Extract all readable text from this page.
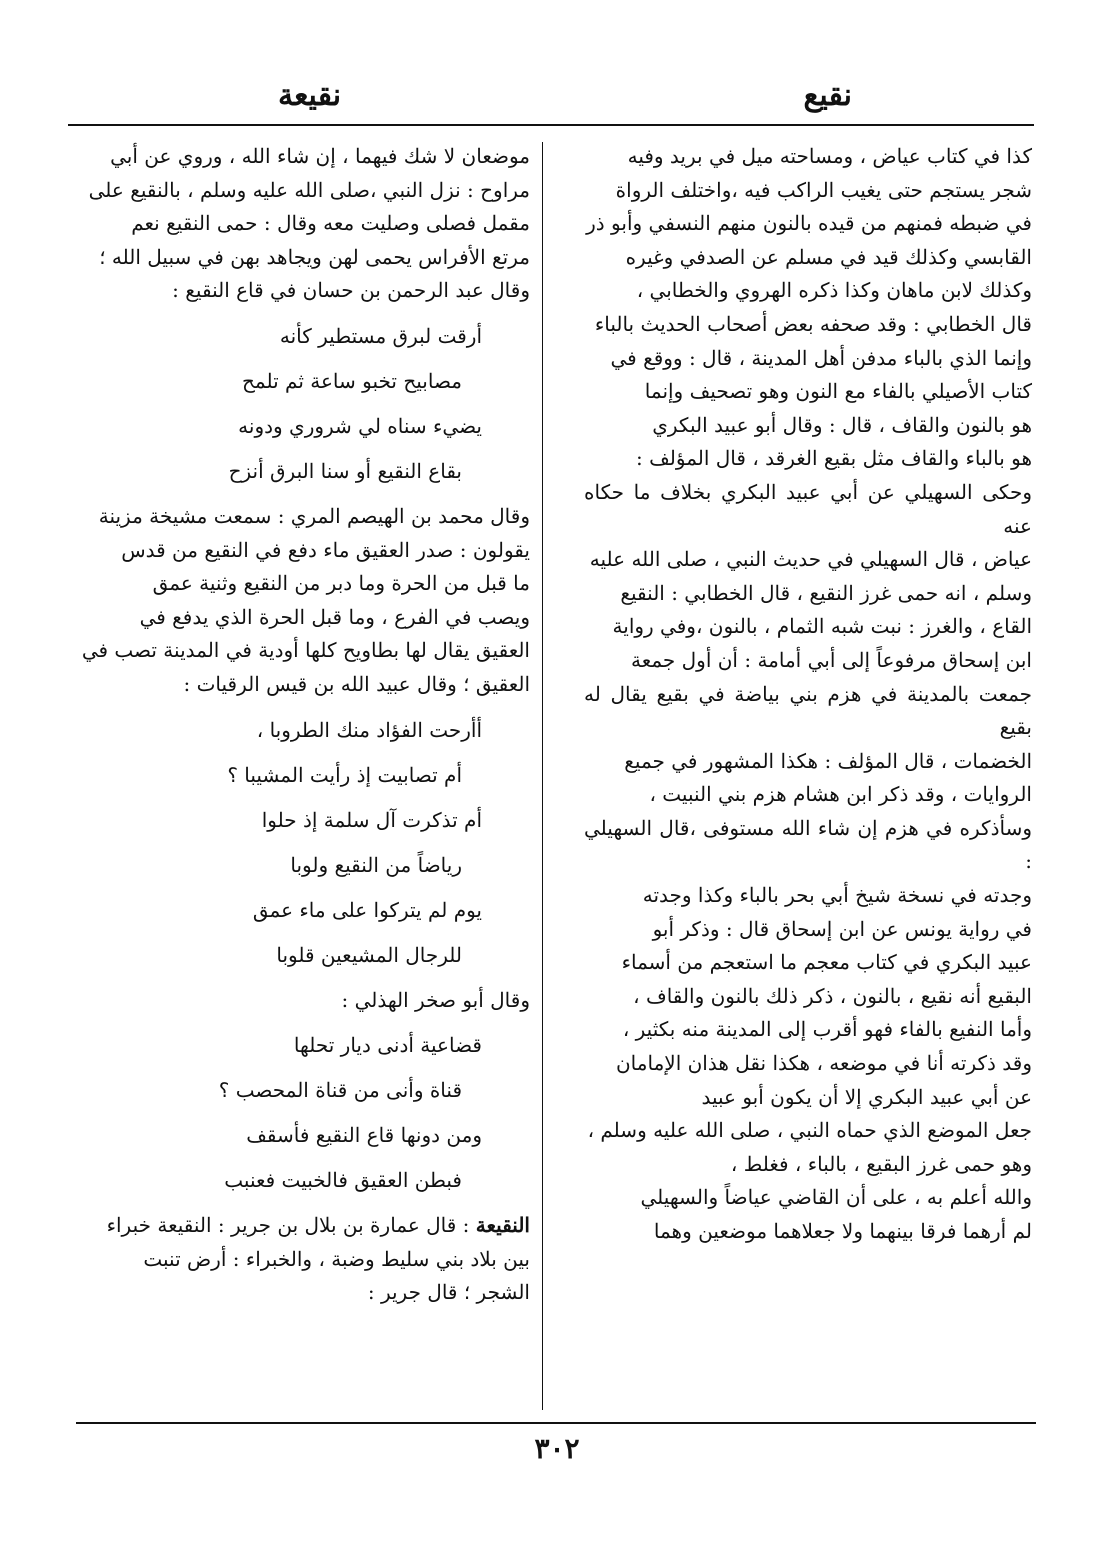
نقيع
نقيعة

كذا في كتاب عياض ، ومساحته ميل في بريد وفيه

شجر يستجم حتى يغيب الراكب فيه ،واختلف الرواة

في ضبطه فمنهم من قيده بالنون منهم النسفي وأبو ذر

القابسي وكذلك قيد في مسلم عن الصدفي وغيره

وكذلك لابن ماهان وكذا ذكره الهروي والخطابي ،

قال الخطابي : وقد صحفه بعض أصحاب الحديث بالباء

وإنما الذي بالباء مدفن أهل المدينة ، قال : ووقع في

كتاب الأصيلي بالفاء مع النون وهو تصحيف وإنما

هو بالنون والقاف ، قال : وقال أبو عبيد البكري

هو بالباء والقاف مثل بقيع الغرقد ، قال المؤلف :

وحكى السهيلي عن أبي عبيد البكري بخلاف ما حكاه عنه

عياض ، قال السهيلي في حديث النبي ، صلى الله عليه

وسلم ، انه حمى غرز النقيع ، قال الخطابي : النقيع

القاع ، والغرز : نبت شبه الثمام ، بالنون ،وفي رواية

ابن إسحاق مرفوعاً إلى أبي أمامة : أن أول جمعة

جمعت بالمدينة في هزم بني بياضة في بقيع يقال له بقيع

الخضمات ، قال المؤلف : هكذا المشهور في جميع

الروايات ، وقد ذكر ابن هشام هزم بني النبيت ،

وسأذكره في هزم إن شاء الله مستوفى ،قال السهيلي :

وجدته في نسخة شيخ أبي بحر بالباء وكذا وجدته

في رواية يونس عن ابن إسحاق قال : وذكر أبو

عبيد البكري في كتاب معجم ما استعجم من أسماء

البقيع أنه نقيع ، بالنون ، ذكر ذلك بالنون والقاف ،

وأما النفيع بالفاء فهو أقرب إلى المدينة منه بكثير ،

وقد ذكرته أنا في موضعه ، هكذا نقل هذان الإمامان

عن أبي عبيد البكري إلا أن يكون أبو عبيد

جعل الموضع الذي حماه النبي ، صلى الله عليه وسلم ،

وهو حمى غرز البقيع ، بالباء ، فغلط ،

والله أعلم به ، على أن القاضي عياضاً والسهيلي

لم أرهما فرقا بينهما ولا جعلاهما موضعين وهما

موضعان لا شك فيهما ، إن شاء الله ، وروي عن أبي

مراوح : نزل النبي ،صلى الله عليه وسلم ، بالنقيع على

مقمل فصلى وصليت معه وقال : حمى النقيع نعم

مرتع الأفراس يحمى لهن ويجاهد بهن في سبيل الله ؛

وقال عبد الرحمن بن حسان في قاع النقيع :

أرقت لبرق مستطير كأنه
مصابيح تخبو ساعة ثم تلمح
يضيء سناه لي شروري ودونه
بقاع النقيع أو سنا البرق أنزح

وقال محمد بن الهيصم المري : سمعت مشيخة مزينة

يقولون : صدر العقيق ماء دفع في النقيع من قدس

ما قبل من الحرة وما دبر من النقيع وثنية عمق

ويصب في الفرع ، وما قبل الحرة الذي يدفع في

العقيق يقال لها بطاويح كلها أودية في المدينة تصب في

العقيق ؛ وقال عبيد الله بن قيس الرقيات :

أأرحت الفؤاد منك الطروبا ،
أم تصابيت إذ رأيت المشيبا ؟
أم تذكرت آل سلمة إذ حلوا
رياضاً من النقيع ولوبا
يوم لم يتركوا على ماء عمق
للرجال المشيعين قلوبا

وقال أبو صخر الهذلي :

قضاعية أدنى ديار تحلها
قناة وأنى من قناة المحصب ؟
ومن دونها قاع النقيع فأسقف
فبطن العقيق فالخبيت فعنبب

النقيعة : قال عمارة بن بلال بن جرير : النقيعة خبراء

بين بلاد بني سليط وضبة ، والخبراء : أرض تنبت

الشجر ؛ قال جرير :

٣٠٢
